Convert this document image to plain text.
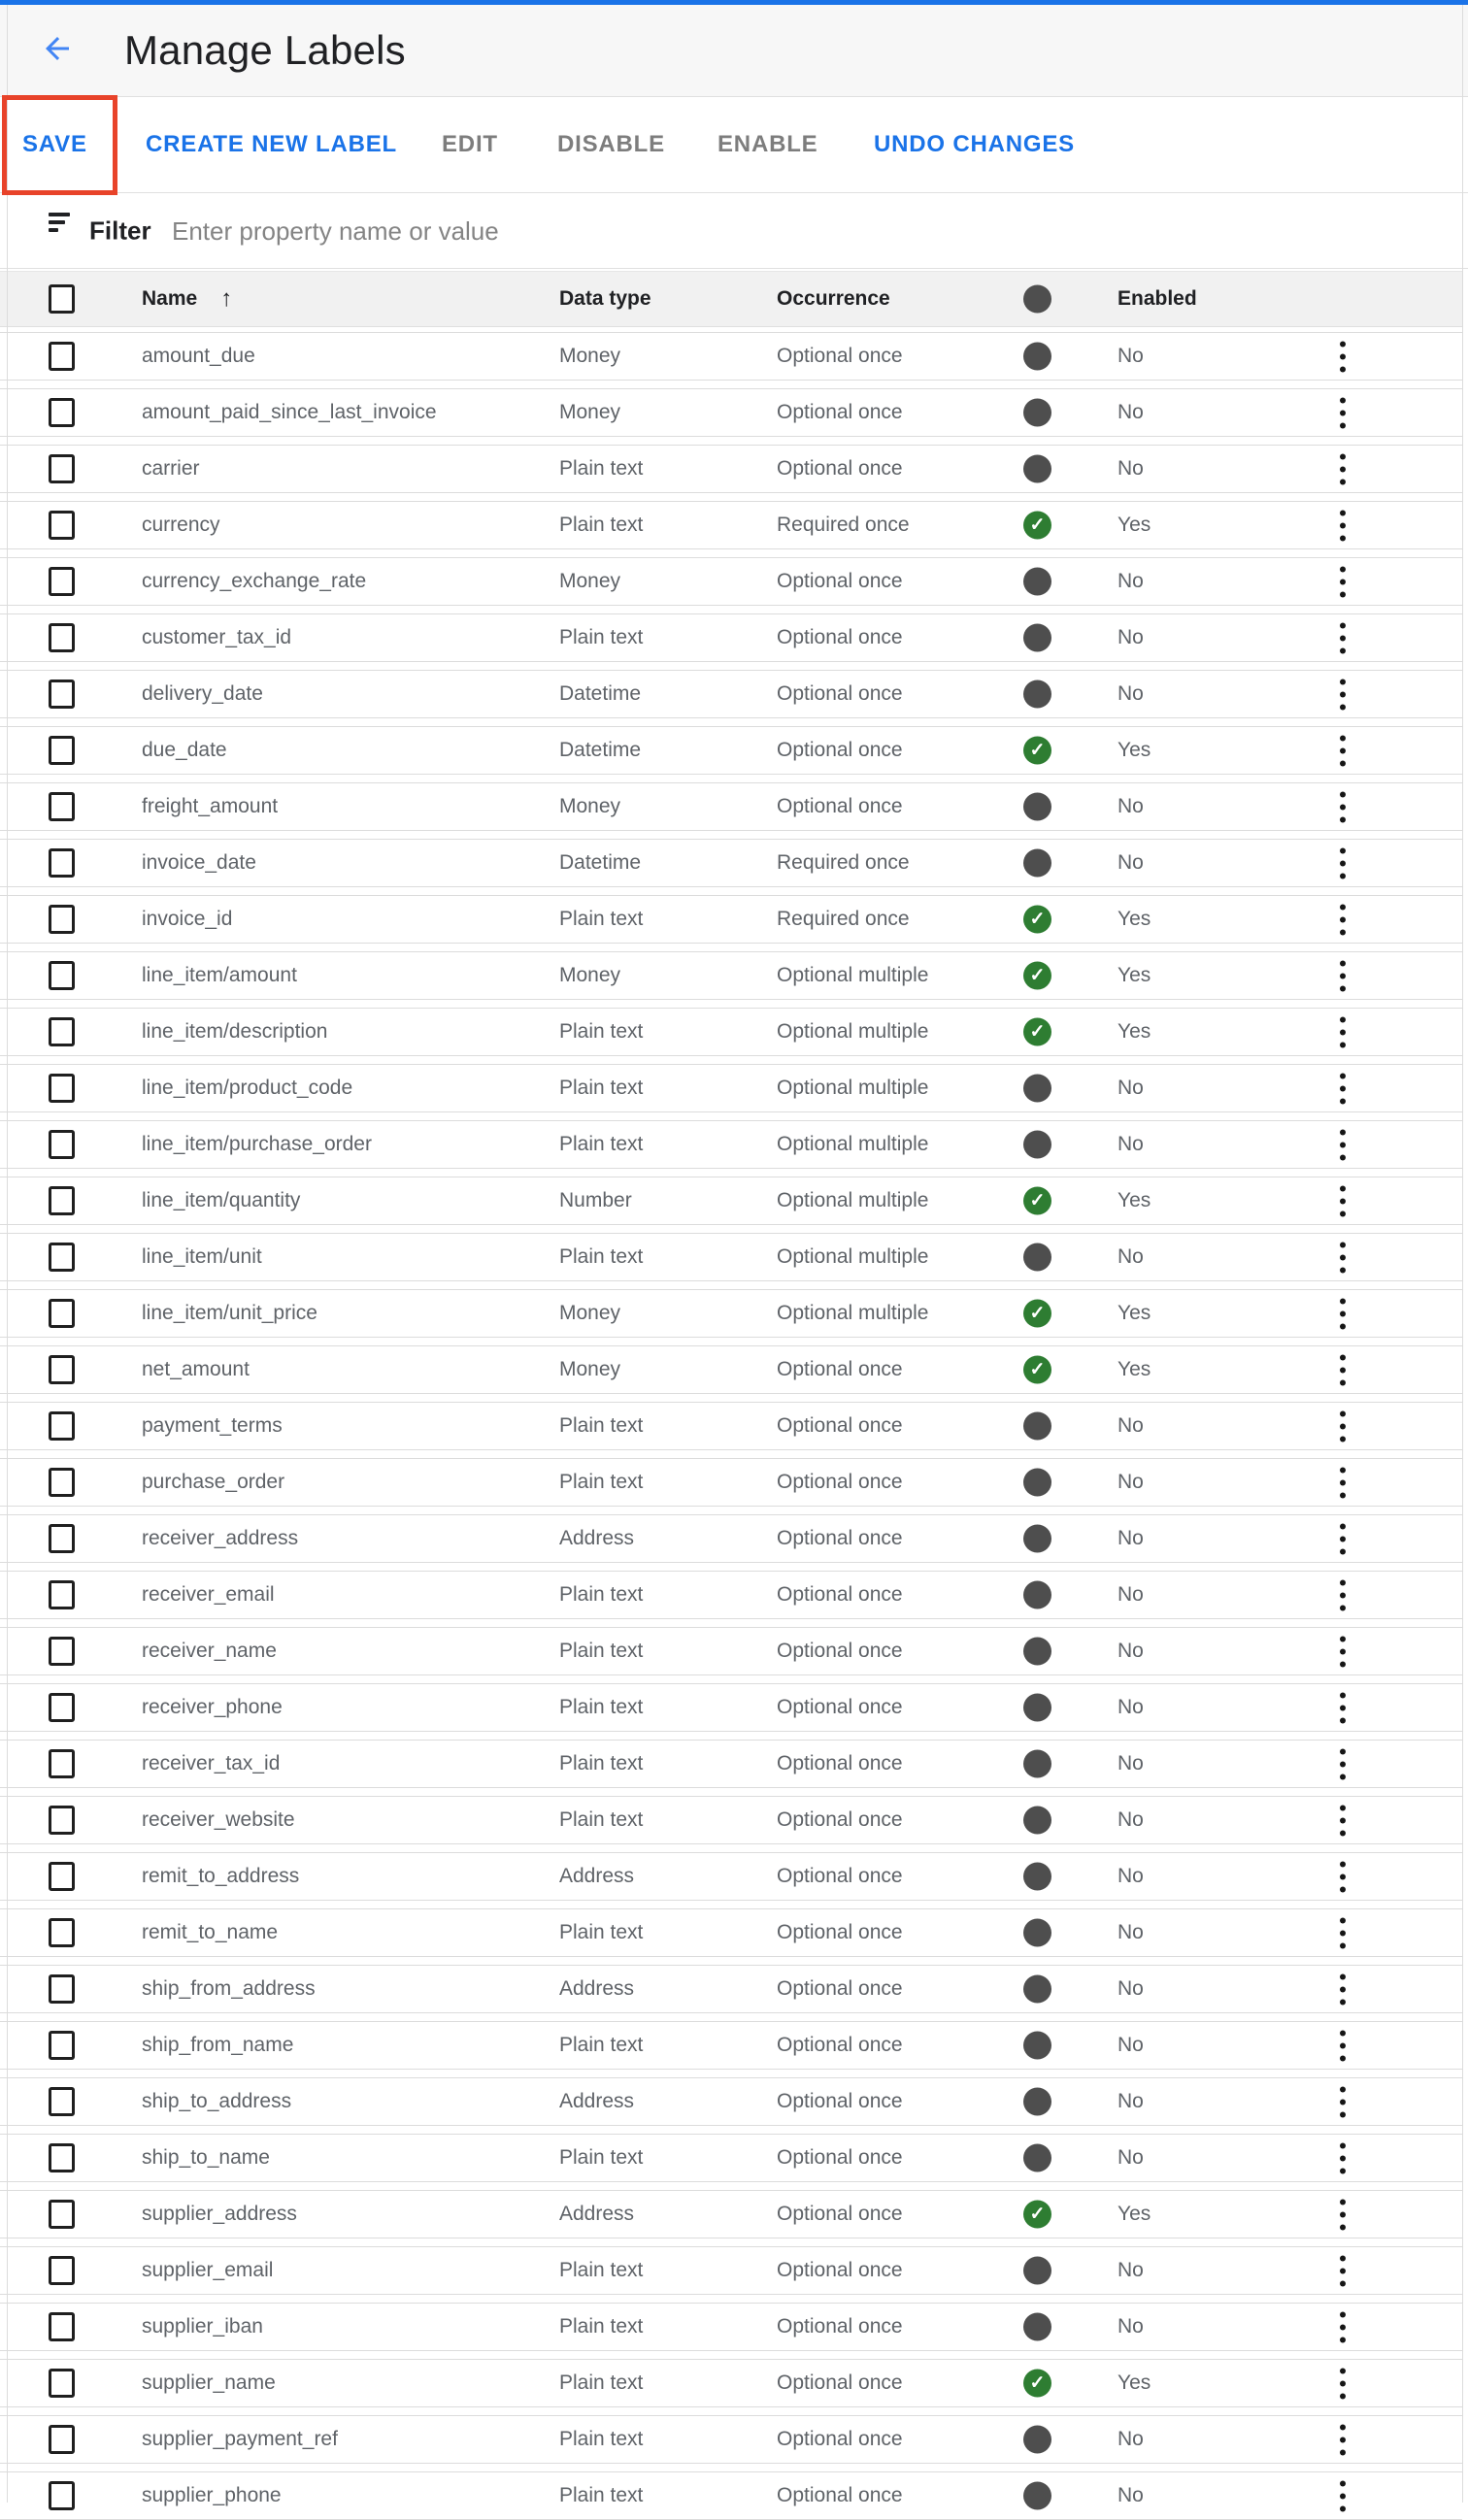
Manage Labels
SAVE	CREATE NEW LABEL EDIT	DISABLE ENABLE UNDO CHANGES
Filter
Enter property name or value
Name ↑	Data type	Occurrence	Enabled
amount_due	Money	Optional once	No
amount_paid_since_last_invoice	Money	Optional once	No
carrier	Plain text	Optional once	No
currency	Plain text	Required once	✓	Yes
currency_exchange_rate	Money	Optional once	No
customer_tax_id	Plain text	Optional once	No
delivery_date	Datetime	Optional once	No
due_date	Datetime	Optional once	✓	Yes
freight_amount	Money	Optional once	No
invoice_date	Datetime	Required once	No
invoice_id	Plain text	Required once	✓	Yes
line_item/amount	Money	Optional multiple	✓	Yes
line_item/description	Plain text	Optional multiple	✓	Yes
line_item/product_code	Plain text	Optional multiple	No
line_item/purchase_order	Plain text	Optional multiple	No
line_item/quantity	Number	Optional multiple	✓	Yes
line_item/unit	Plain text	Optional multiple	No
line_item/unit_price	Money	Optional multiple	✓	Yes
net_amount	Money	Optional once	✓	Yes
payment_terms	Plain text	Optional once	No
purchase_order	Plain text	Optional once	No
receiver_address	Address	Optional once	No
receiver_email	Plain text	Optional once	No
receiver_name	Plain text	Optional once	No
receiver_phone	Plain text	Optional once	No
receiver_tax_id	Plain text	Optional once	No
receiver_website	Plain text	Optional once	No
remit_to_address	Address	Optional once	No
remit_to_name	Plain text	Optional once	No
ship_from_address	Address	Optional once	No
ship_from_name	Plain text	Optional once	No
ship_to_address	Address	Optional once	No
ship_to_name	Plain text	Optional once	No
supplier_address	Address	Optional once	✓	Yes
supplier_email	Plain text	Optional once	No
supplier_iban	Plain text	Optional once	No
supplier_name	Plain text	Optional once	✓	Yes
supplier_payment_ref	Plain text	Optional once	No
supplier_phone	Plain text	Optional once	No
